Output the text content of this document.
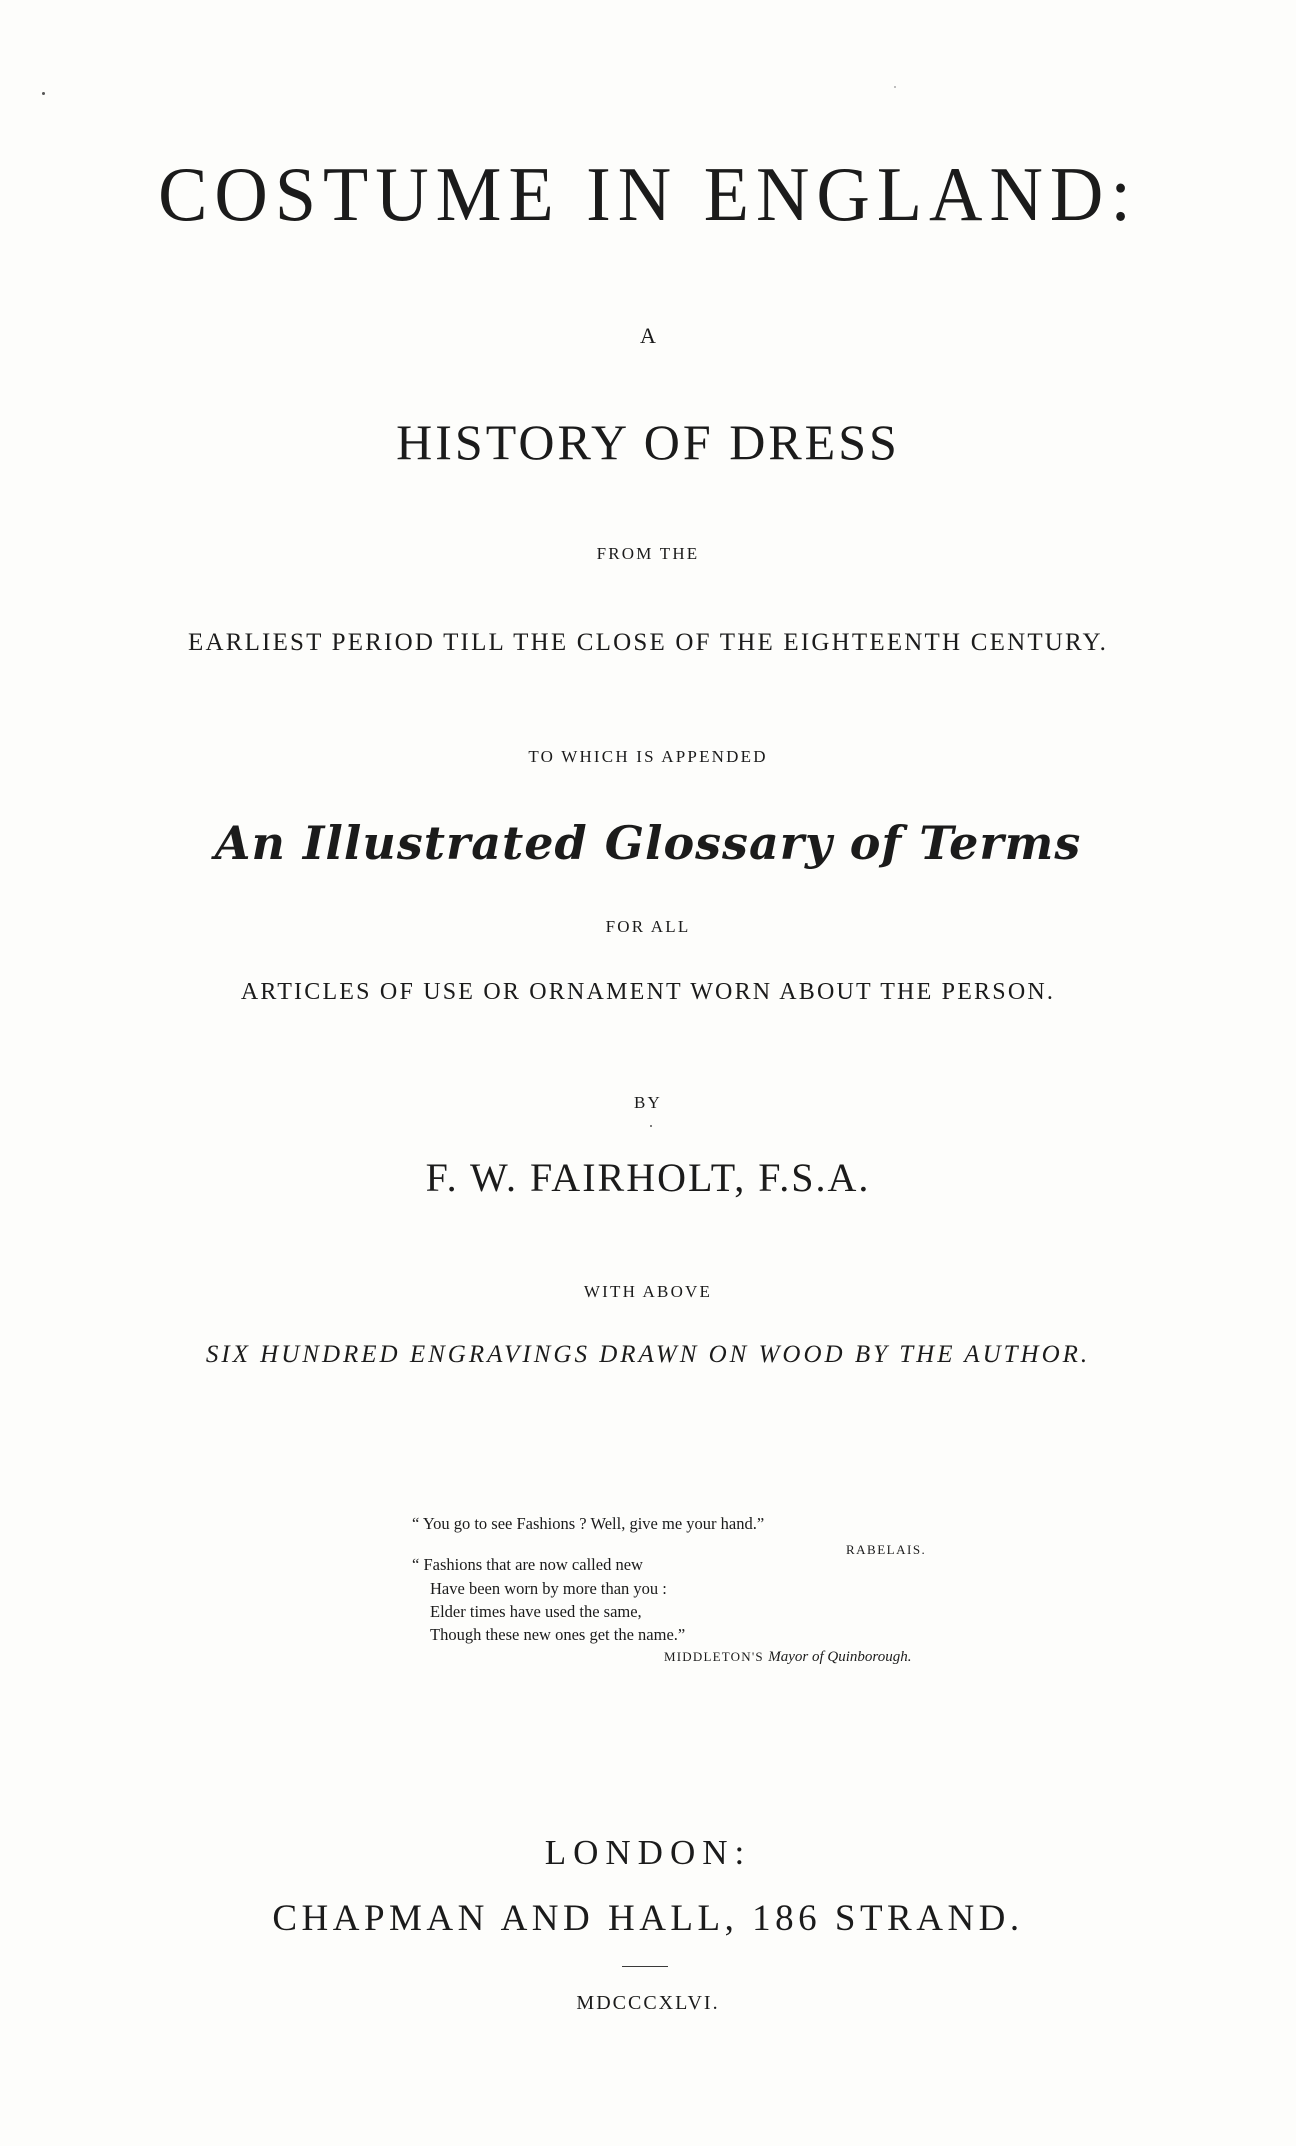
COSTUME IN ENGLAND:
A
HISTORY OF DRESS
FROM THE
EARLIEST PERIOD TILL THE CLOSE OF THE EIGHTEENTH CENTURY.
TO WHICH IS APPENDED
An Illustrated Glossary of Terms
FOR ALL
ARTICLES OF USE OR ORNAMENT WORN ABOUT THE PERSON.
BY
F. W. FAIRHOLT, F.S.A.
WITH ABOVE
SIX HUNDRED ENGRAVINGS DRAWN ON WOOD BY THE AUTHOR.
“ You go to see Fashions ? Well, give me your hand.”
RABELAIS.
“ Fashions that are now called new
Have been worn by more than you :
Elder times have used the same,
Though these new ones get the name.”
MIDDLETON'S Mayor of Quinborough.
LONDON:
CHAPMAN AND HALL, 186 STRAND.
MDCCCXLVI.
